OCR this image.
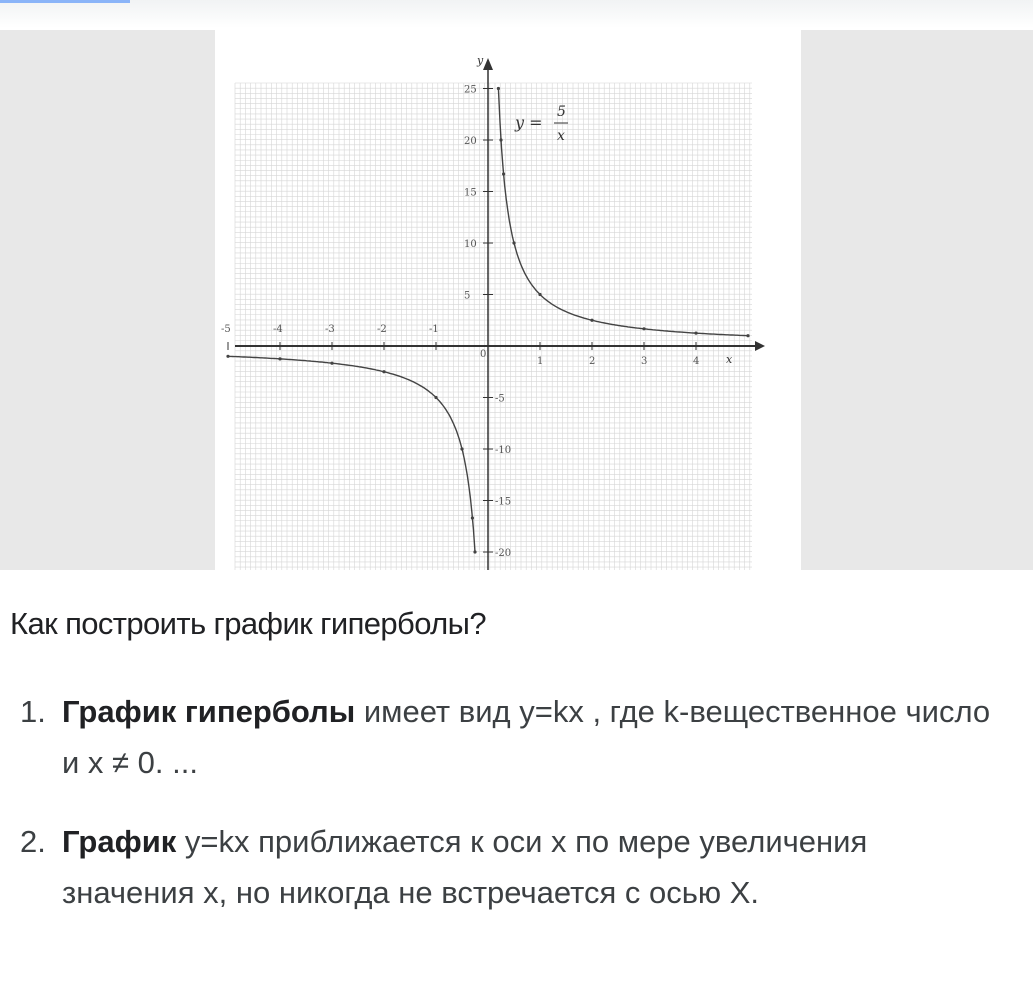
25
20
15
10
5
-5
-10
-15
-20
-5	-4	-3	-2	-1
1	2	3	4
y
x
0
y =
5
x
Как построить график гиперболы?
1. График гиперболы имеет вид y=kx , где k-вещественное число и x ≠ 0. ...
2. График y=kx приближается к оси x по мере увеличения значения x, но никогда не встречается с осью X.
